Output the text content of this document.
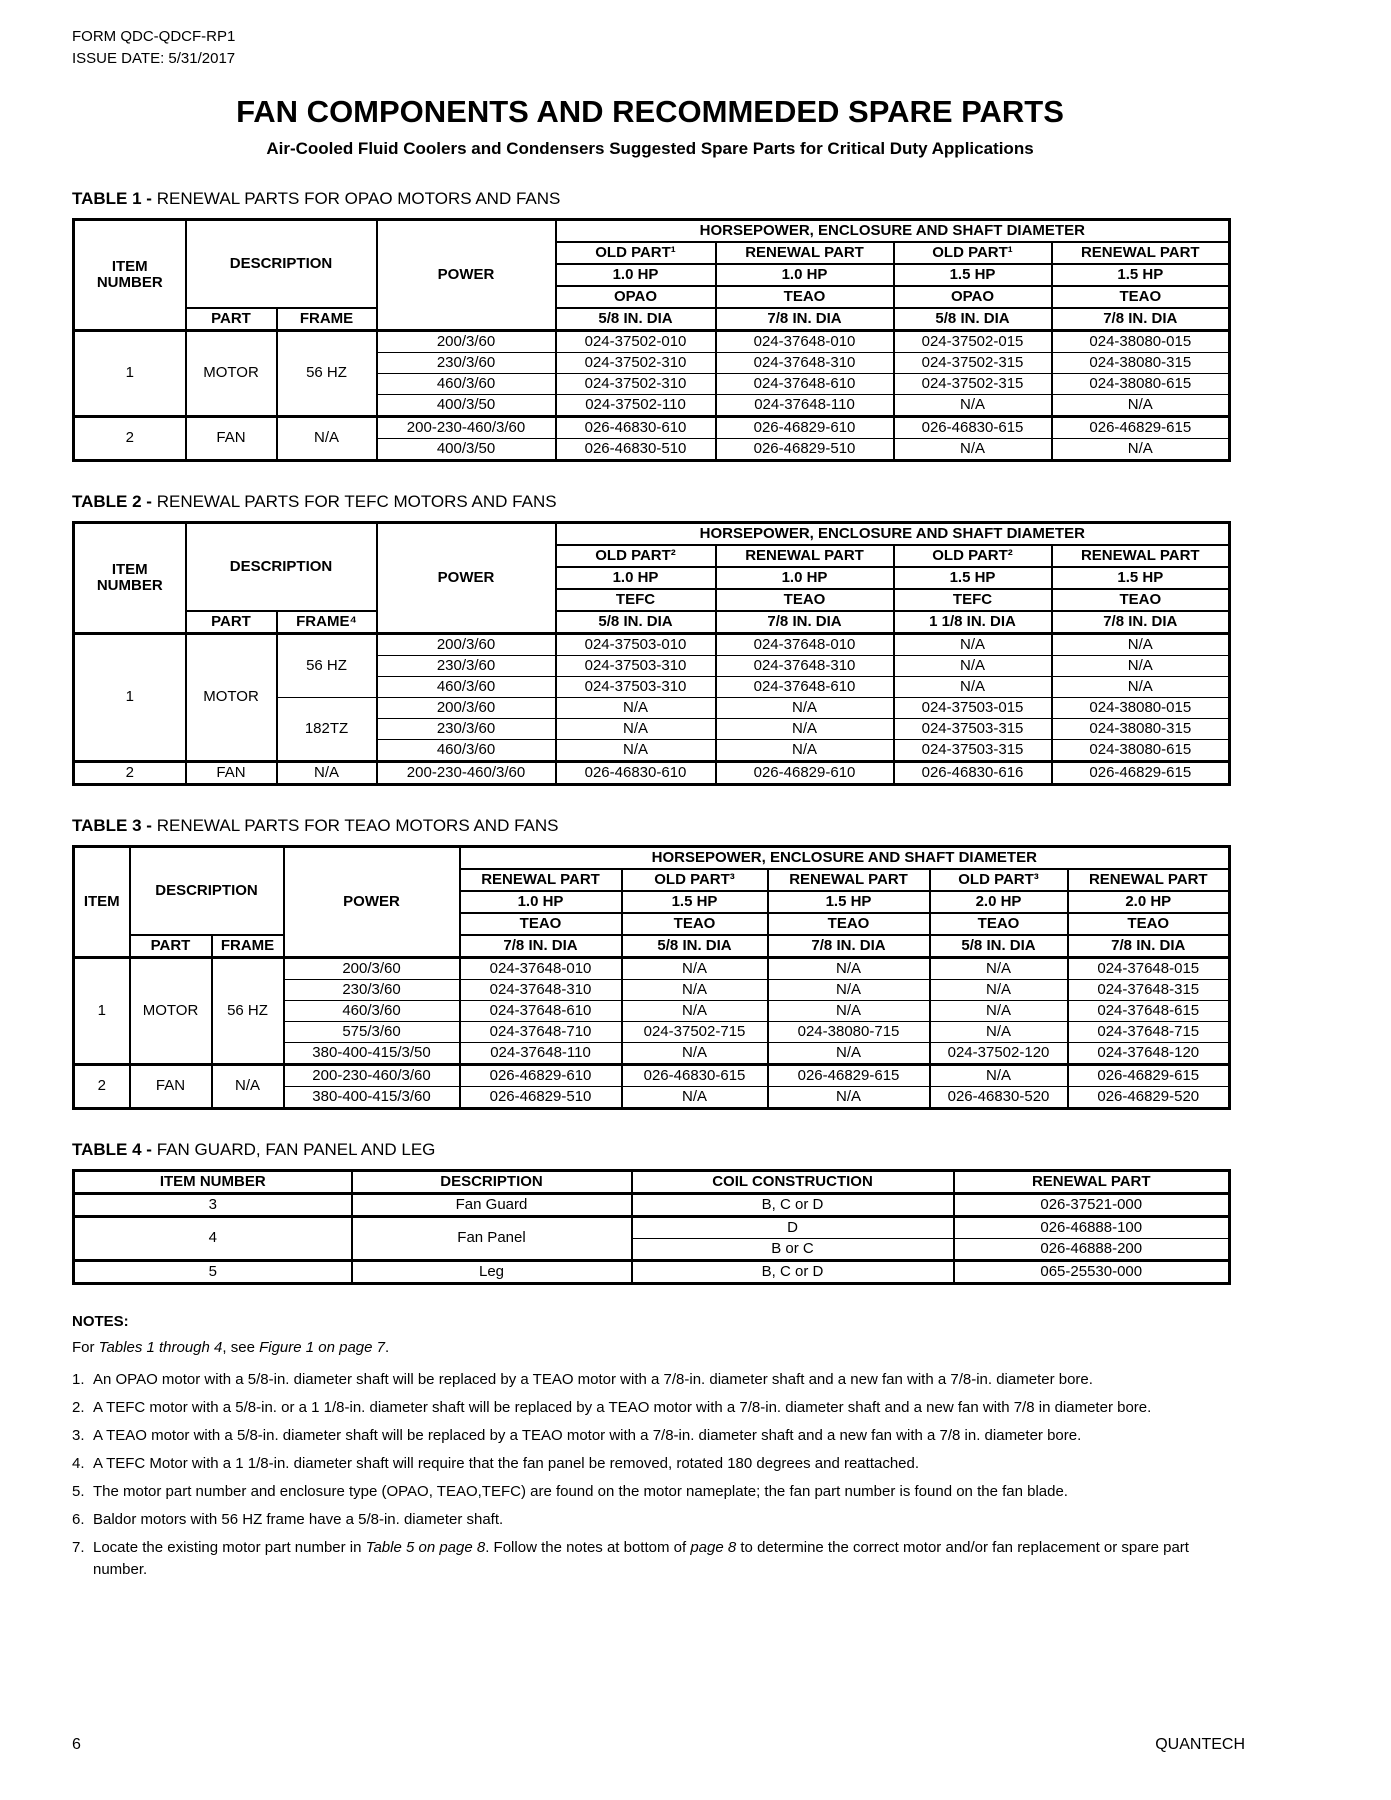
FORM QDC-QDCF-RP1
ISSUE DATE: 5/31/2017
FAN COMPONENTS AND RECOMMEDED SPARE PARTS
Air-Cooled Fluid Coolers and Condensers Suggested Spare Parts for Critical Duty Applications
TABLE 1 - RENEWAL PARTS FOR OPAO MOTORS AND FANS
ITEM NUMBER	DESCRIPTION		POWER	HORSEPOWER, ENCLOSURE AND SHAFT DIAMETER			
				OLD PART¹	RENEWAL PART	OLD PART¹	RENEWAL PART
				1.0 HP	1.0 HP	1.5 HP	1.5 HP
				OPAO	TEAO	OPAO	TEAO
	PART	FRAME		5/8 IN. DIA	7/8 IN. DIA	5/8 IN. DIA	7/8 IN. DIA
1	MOTOR	56 HZ	200/3/60	024-37502-010	024-37648-010	024-37502-015	024-38080-015
			230/3/60	024-37502-310	024-37648-310	024-37502-315	024-38080-315
			460/3/60	024-37502-310	024-37648-610	024-37502-315	024-38080-615
			400/3/50	024-37502-110	024-37648-110	N/A	N/A
2	FAN	N/A	200-230-460/3/60	026-46830-610	026-46829-610	026-46830-615	026-46829-615
			400/3/50	026-46830-510	026-46829-510	N/A	N/A
TABLE 2 - RENEWAL PARTS FOR TEFC MOTORS AND FANS
ITEM NUMBER	DESCRIPTION		POWER	HORSEPOWER, ENCLOSURE AND SHAFT DIAMETER			
				OLD PART²	RENEWAL PART	OLD PART²	RENEWAL PART
				1.0 HP	1.0 HP	1.5 HP	1.5 HP
				TEFC	TEAO	TEFC	TEAO
	PART	FRAME⁴		5/8 IN. DIA	7/8 IN. DIA	1 1/8 IN. DIA	7/8 IN. DIA
1	MOTOR	56 HZ	200/3/60	024-37503-010	024-37648-010	N/A	N/A
			230/3/60	024-37503-310	024-37648-310	N/A	N/A
			460/3/60	024-37503-310	024-37648-610	N/A	N/A
		182TZ	200/3/60	N/A	N/A	024-37503-015	024-38080-015
			230/3/60	N/A	N/A	024-37503-315	024-38080-315
			460/3/60	N/A	N/A	024-37503-315	024-38080-615
2	FAN	N/A	200-230-460/3/60	026-46830-610	026-46829-610	026-46830-616	026-46829-615
TABLE 3 - RENEWAL PARTS FOR TEAO MOTORS AND FANS
ITEM	DESCRIPTION		POWER	HORSEPOWER, ENCLOSURE AND SHAFT DIAMETER				
				RENEWAL PART	OLD PART³	RENEWAL PART	OLD PART³	RENEWAL PART
				1.0 HP	1.5 HP	1.5 HP	2.0 HP	2.0 HP
				TEAO	TEAO	TEAO	TEAO	TEAO
	PART	FRAME		7/8 IN. DIA	5/8 IN. DIA	7/8 IN. DIA	5/8 IN. DIA	7/8 IN. DIA
1	MOTOR	56 HZ	200/3/60	024-37648-010	N/A	N/A	N/A	024-37648-015
			230/3/60	024-37648-310	N/A	N/A	N/A	024-37648-315
			460/3/60	024-37648-610	N/A	N/A	N/A	024-37648-615
			575/3/60	024-37648-710	024-37502-715	024-38080-715	N/A	024-37648-715
			380-400-415/3/50	024-37648-110	N/A	N/A	024-37502-120	024-37648-120
2	FAN	N/A	200-230-460/3/60	026-46829-610	026-46830-615	026-46829-615	N/A	026-46829-615
			380-400-415/3/60	026-46829-510	N/A	N/A	026-46830-520	026-46829-520
TABLE 4 - FAN GUARD, FAN PANEL AND LEG
ITEM NUMBER	DESCRIPTION	COIL CONSTRUCTION	RENEWAL PART
3	Fan Guard	B, C or D	026-37521-000
4	Fan Panel	D	026-46888-100
		B or C	026-46888-200
5	Leg	B, C or D	065-25530-000
NOTES:
For Tables 1 through 4, see Figure 1 on page 7.
1. An OPAO motor with a 5/8-in. diameter shaft will be replaced by a TEAO motor with a 7/8-in. diameter shaft and a new fan with a 7/8-in. diameter bore.
2. A TEFC motor with a 5/8-in. or a 1 1/8-in. diameter shaft will be replaced by a TEAO motor with a 7/8-in. diameter shaft and a new fan with 7/8 in diameter bore.
3. A TEAO motor with a 5/8-in. diameter shaft will be replaced by a TEAO motor with a 7/8-in. diameter shaft and a new fan with a 7/8 in. diameter bore.
4. A TEFC Motor with a 1 1/8-in. diameter shaft will require that the fan panel be removed, rotated 180 degrees and reattached.
5. The motor part number and enclosure type (OPAO, TEAO,TEFC) are found on the motor nameplate; the fan part number is found on the fan blade.
6. Baldor motors with 56 HZ frame have a 5/8-in. diameter shaft.
7. Locate the existing motor part number in Table 5 on page 8. Follow the notes at bottom of page 8 to determine the correct motor and/or fan replacement or spare part number.
6	QUANTECH
